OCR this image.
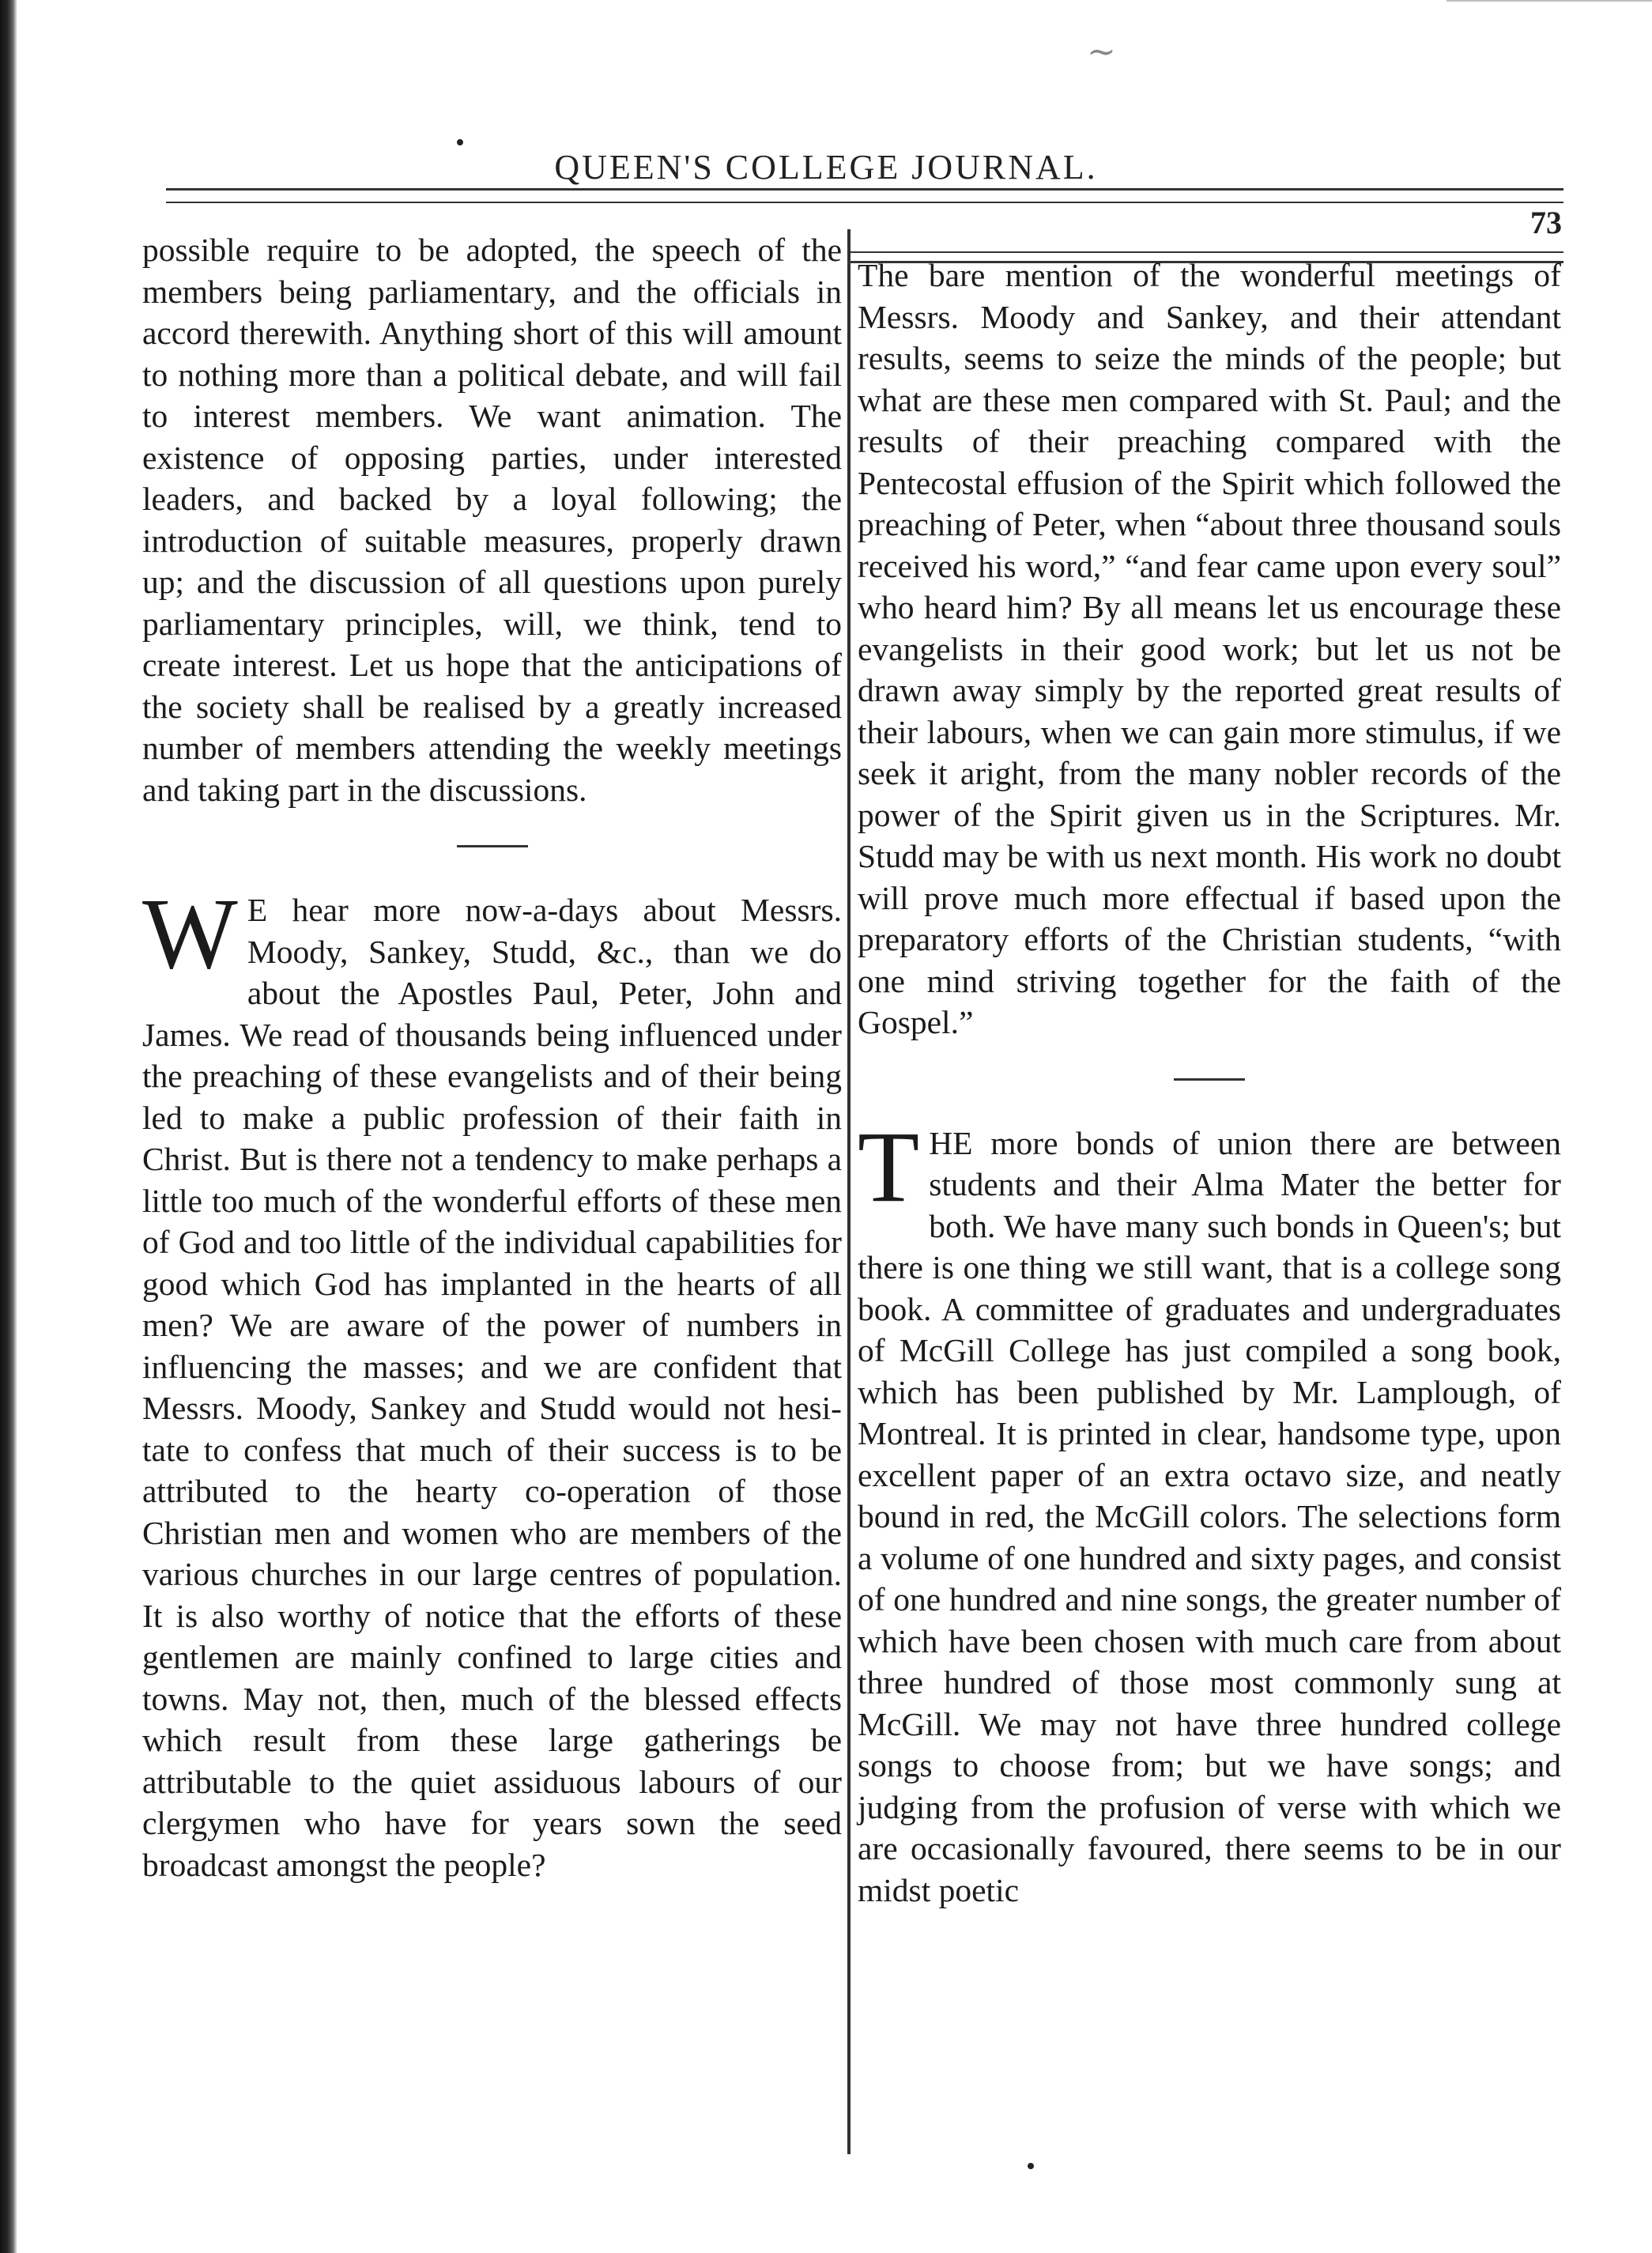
∼
QUEEN'S COLLEGE JOURNAL.
73

possible require to be adopted, the speech of the members being parliamentary, and the officials in accord therewith. Anything short of this will amount to nothing more than a political debate, and will fail to interest members. We want animation. The existence of opposing parties, under interested leaders, and backed by a loyal following; the introduction of suitable measures, properly drawn up; and the discussion of all questions upon purely parliamentary principles, will, we think, tend to create interest. Let us hope that the anticipations of the society shall be realised by a greatly increased number of members attending the weekly meetings and taking part in the discussions.

W E hear more now-a-days about Messrs. Moody, Sankey, Studd, &c., than we do about the Apostles Paul, Peter, John and James. We read of thousands being influenced under the preaching of these evangelists and of their being led to make a public profession of their faith in Christ. But is there not a tendency to make perhaps a little too much of the wonderful efforts of these men of God and too little of the individual capabilities for good which God has implanted in the hearts of all men? We are aware of the power of numbers in influencing the masses; and we are confident that Messrs. Moody, Sankey and Studd would not hesitate to confess that much of their success is to be attributed to the hearty co-operation of those Christian men and women who are members of the various churches in our large centres of population. It is also worthy of notice that the efforts of these gentlemen are mainly confined to large cities and towns. May not, then, much of the blessed effects which result from these large gatherings be attributable to the quiet assiduous labours of our clergymen who have for years sown the seed broadcast amongst the people?

The bare mention of the wonderful meetings of Messrs. Moody and Sankey, and their attendant results, seems to seize the minds of the people; but what are these men compared with St. Paul; and the results of their preaching compared with the Pentecostal effusion of the Spirit which followed the preaching of Peter, when “about three thousand souls received his word,” “and fear came upon every soul” who heard him? By all means let us encourage these evangelists in their good work; but let us not be drawn away simply by the reported great results of their labours, when we can gain more stimulus, if we seek it aright, from the many nobler records of the power of the Spirit given us in the Scriptures. Mr. Studd may be with us next month. His work no doubt will prove much more effectual if based upon the preparatory efforts of the Christian students, “with one mind striving together for the faith of the Gospel.”

THE more bonds of union there are between students and their Alma Mater the better for both. We have many such bonds in Queen's; but there is one thing we still want, that is a college song book. A committee of graduates and undergraduates of McGill College has just compiled a song book, which has been published by Mr. Lamplough, of Montreal. It is printed in clear, handsome type, upon excellent paper of an extra octavo size, and neatly bound in red, the McGill colors. The selections form a volume of one hundred and sixty pages, and consist of one hundred and nine songs, the greater number of which have been chosen with much care from about three hundred of those most commonly sung at McGill. We may not have three hundred college songs to choose from; but we have songs; and judging from the profusion of verse with which we are occasionally favoured, there seems to be in our midst poetic
